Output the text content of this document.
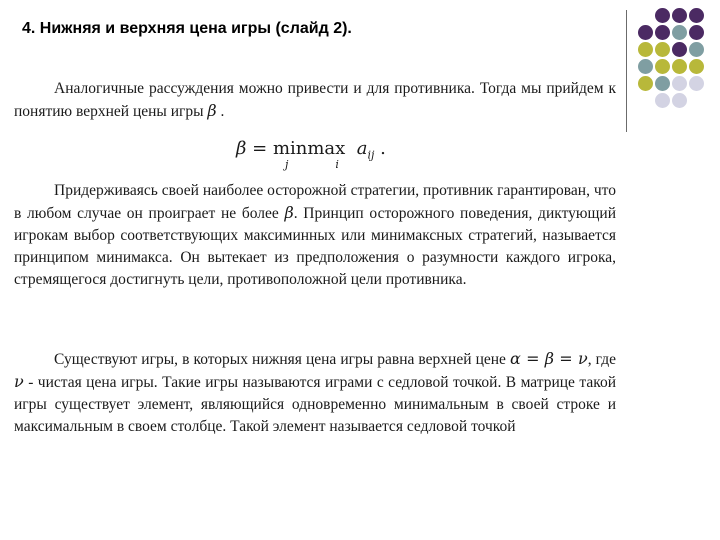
4. Нижняя и верхняя цена игры (слайд 2).
Аналогичные рассуждения можно привести и для противника. Тогда мы прийдем к понятию верхней цены игры β .
β = min
j
max
i
$a_{ij}$ .
Придерживаясь своей наиболее осторожной стратегии, противник гарантирован, что в любом случае он проиграет не более β. Принцип осторожного поведения, диктующий игрокам выбор соответствующих максиминных или минимаксных стратегий, называется принципом минимакса. Он вытекает из предположения о разумности каждого игрока, стремящегося достигнуть цели, противоположной цели противника.
Существуют игры, в которых нижняя цена игры равна верхней цене α = β = ν, где ν - чистая цена игры. Такие игры называются играми с седловой точкой. В матрице такой игры существует элемент, являющийся одновременно минимальным в своей строке и максимальным в своем столбце. Такой элемент называется седловой точкой
